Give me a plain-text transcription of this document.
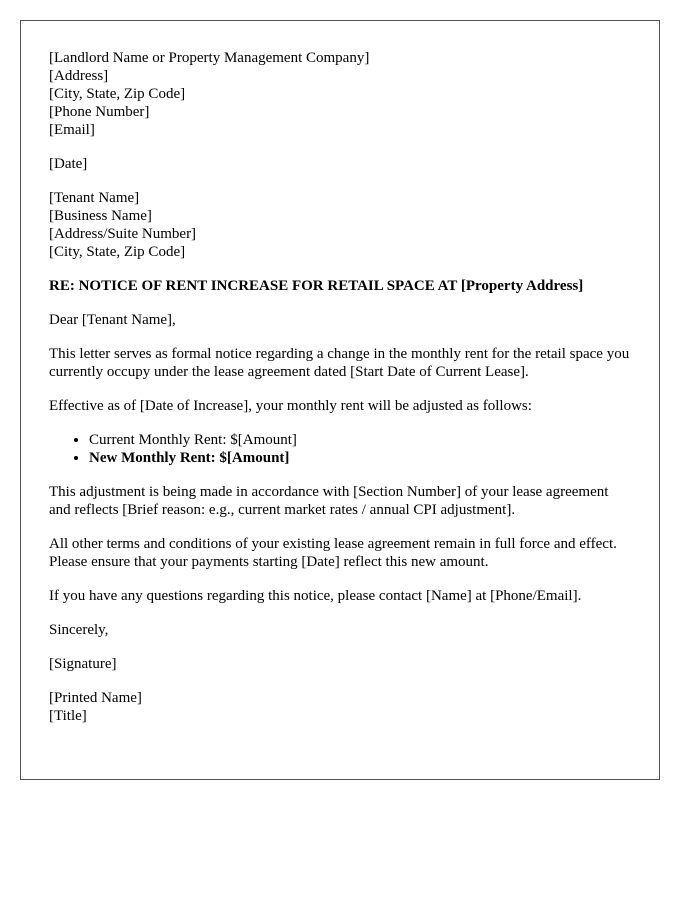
[Landlord Name or Property Management Company]
[Address]
[City, State, Zip Code]
[Phone Number]
[Email]
[Date]
[Tenant Name]
[Business Name]
[Address/Suite Number]
[City, State, Zip Code]
RE: NOTICE OF RENT INCREASE FOR RETAIL SPACE AT [Property Address]

Dear [Tenant Name],

This letter serves as formal notice regarding a change in the monthly rent for the retail space you currently occupy under the lease agreement dated [Start Date of Current Lease].

Effective as of [Date of Increase], your monthly rent will be adjusted as follows:

• Current Monthly Rent: $[Amount]
• New Monthly Rent: $[Amount]

This adjustment is being made in accordance with [Section Number] of your lease agreement and reflects [Brief reason: e.g., current market rates / annual CPI adjustment].

All other terms and conditions of your existing lease agreement remain in full force and effect. Please ensure that your payments starting [Date] reflect this new amount.

If you have any questions regarding this notice, please contact [Name] at [Phone/Email].

Sincerely,

[Signature]

[Printed Name]
[Title]
